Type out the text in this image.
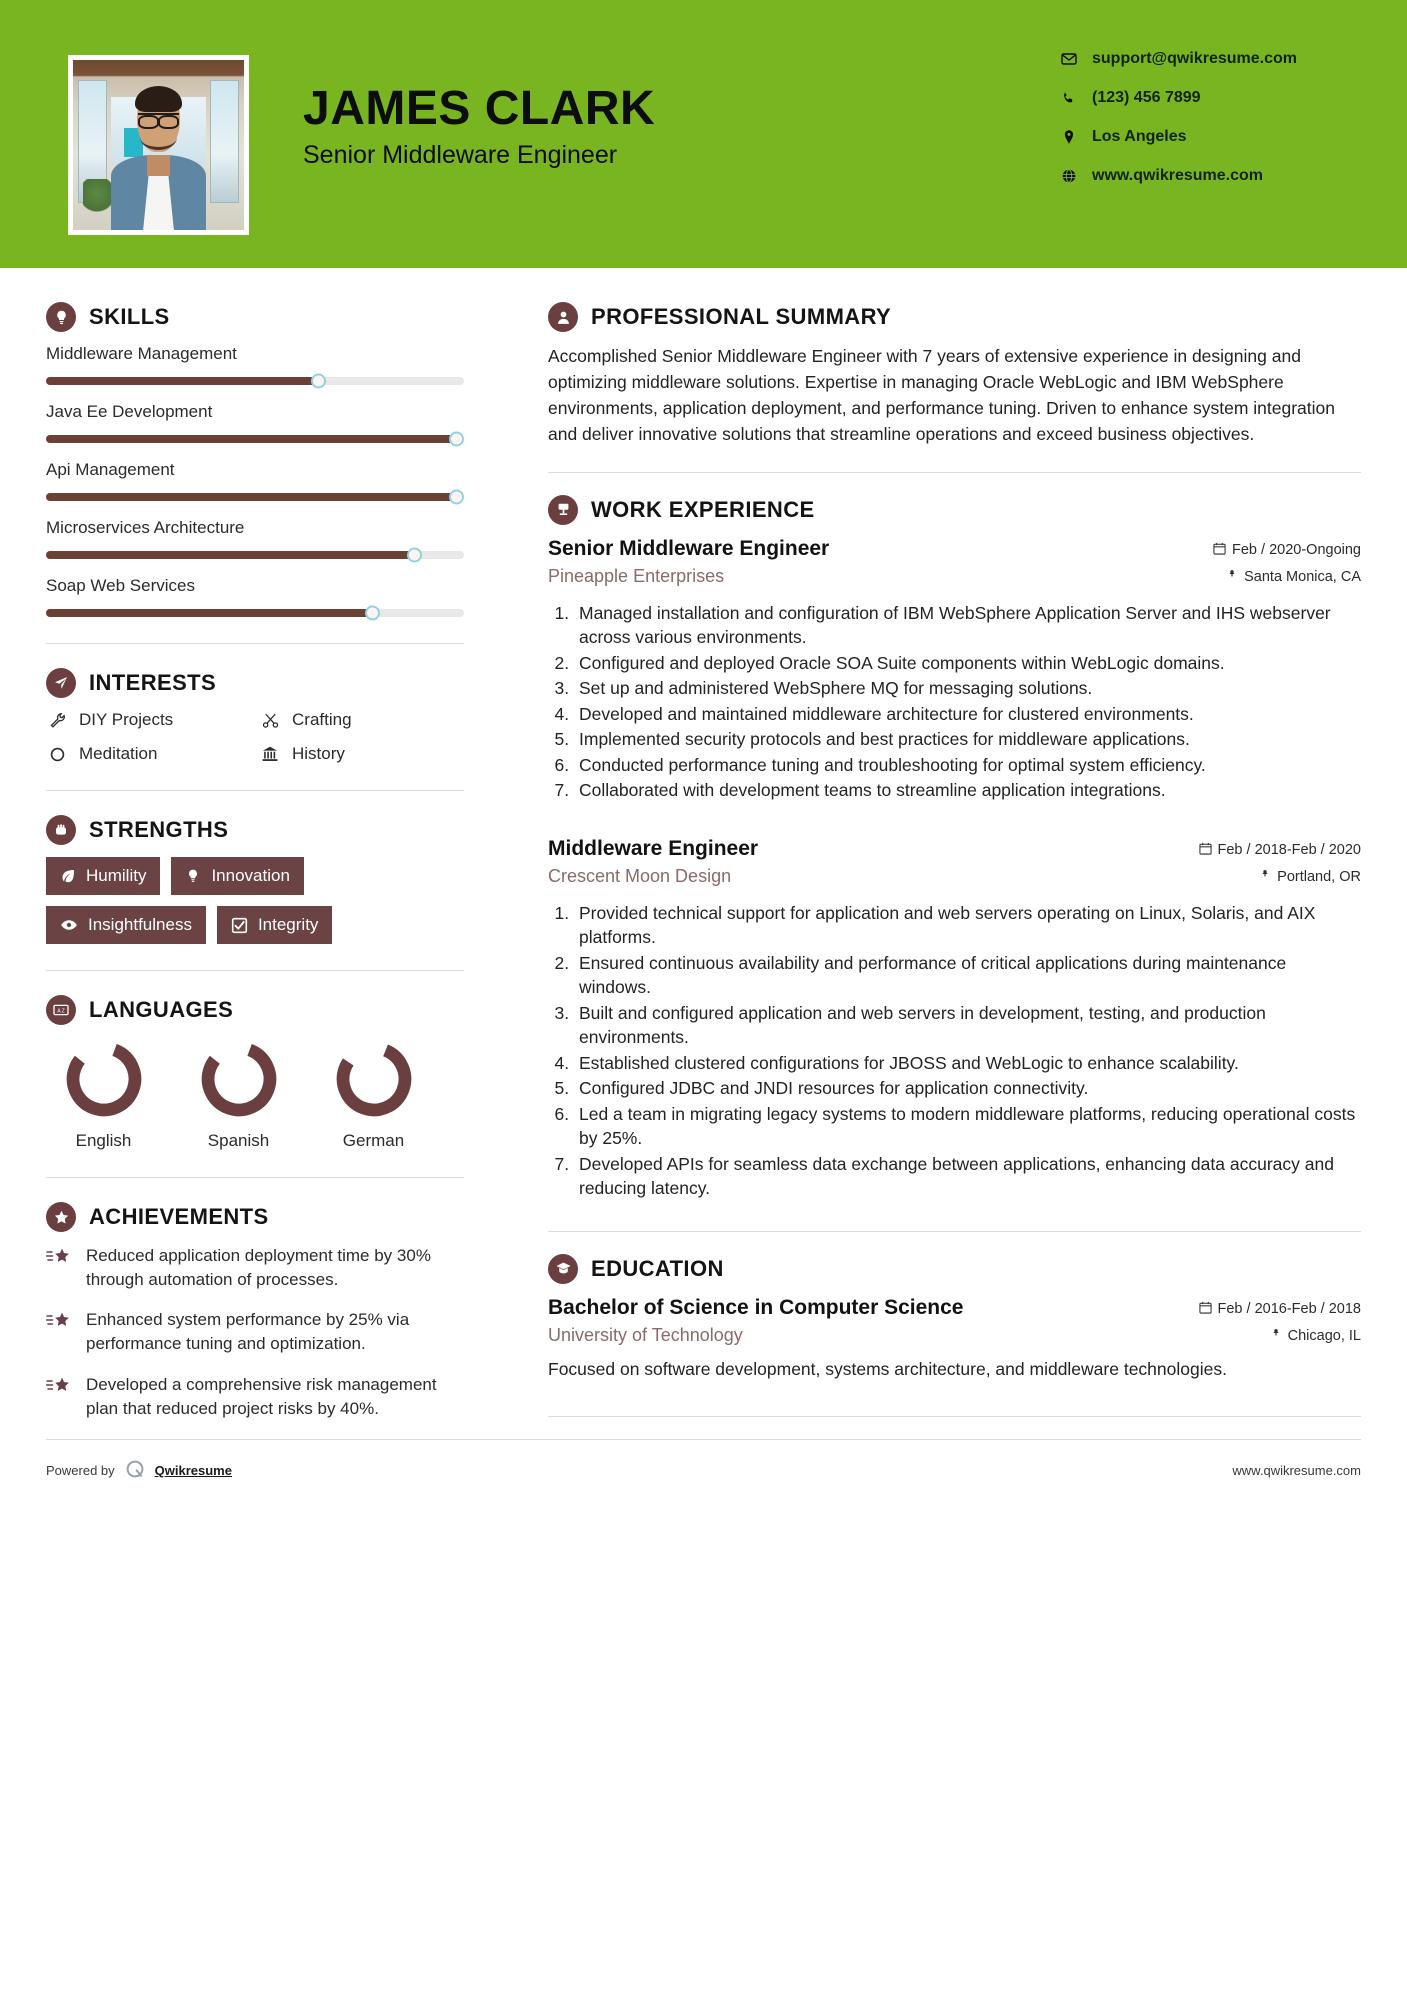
JAMES CLARK
Senior Middleware Engineer
support@qwikresume.com
(123) 456 7899
Los Angeles
www.qwikresume.com
SKILLS
Middleware Management
Java Ee Development
Api Management
Microservices Architecture
Soap Web Services
INTERESTS
DIY Projects	Crafting
Meditation	History
STRENGTHS
Humility	Innovation
Insightfulness	Integrity
A Z LANGUAGES
English	Spanish	German
ACHIEVEMENTS
Reduced application deployment time by 30% through automation of processes.
Enhanced system performance by 25% via performance tuning and optimization.
Developed a comprehensive risk management plan that reduced project risks by 40%.
PROFESSIONAL SUMMARY
Accomplished Senior Middleware Engineer with 7 years of extensive experience in designing and optimizing middleware solutions. Expertise in managing Oracle WebLogic and IBM WebSphere environments, application deployment, and performance tuning. Driven to enhance system integration and deliver innovative solutions that streamline operations and exceed business objectives.
WORK EXPERIENCE
Senior Middleware Engineer	Feb / 2020-Ongoing
Pineapple Enterprises	Santa Monica, CA
1. Managed installation and configuration of IBM WebSphere Application Server and IHS webserver across various environments.
2. Configured and deployed Oracle SOA Suite components within WebLogic domains.
3. Set up and administered WebSphere MQ for messaging solutions.
4. Developed and maintained middleware architecture for clustered environments.
5. Implemented security protocols and best practices for middleware applications.
6. Conducted performance tuning and troubleshooting for optimal system efficiency.
7. Collaborated with development teams to streamline application integrations.
Middleware Engineer	Feb / 2018-Feb / 2020
Crescent Moon Design	Portland, OR
1. Provided technical support for application and web servers operating on Linux, Solaris, and AIX platforms.
2. Ensured continuous availability and performance of critical applications during maintenance windows.
3. Built and configured application and web servers in development, testing, and production environments.
4. Established clustered configurations for JBOSS and WebLogic to enhance scalability.
5. Configured JDBC and JNDI resources for application connectivity.
6. Led a team in migrating legacy systems to modern middleware platforms, reducing operational costs by 25%.
7. Developed APIs for seamless data exchange between applications, enhancing data accuracy and reducing latency.
EDUCATION
Bachelor of Science in Computer Science	Feb / 2016-Feb / 2018
University of Technology	Chicago, IL
Focused on software development, systems architecture, and middleware technologies.
Powered by	Qwikresume	www.qwikresume.com
